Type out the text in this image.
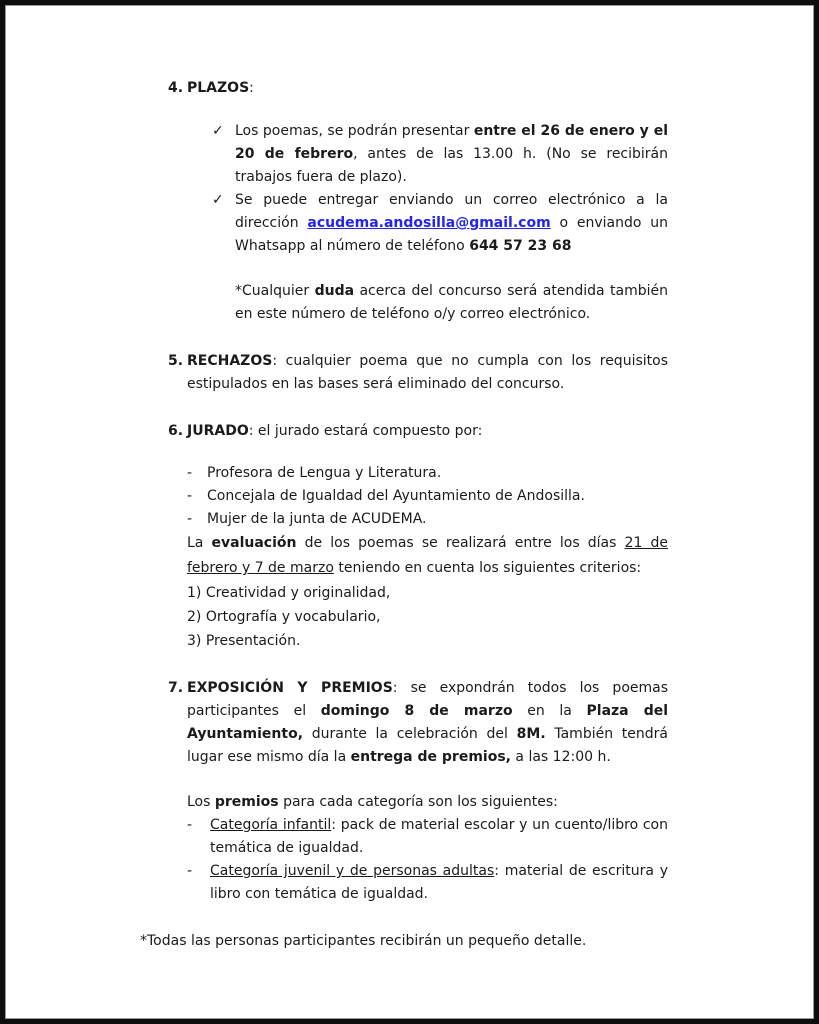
4. PLAZOS:

✓ Los poemas, se podrán presentar entre el 26 de enero y el 20 de febrero, antes de las 13.00 h. (No se recibirán trabajos fuera de plazo).

✓ Se puede entregar enviando un correo electrónico a la dirección acudema.andosilla@gmail.com o enviando un Whatsapp al número de teléfono 644 57 23 68

*Cualquier duda acerca del concurso será atendida también en este número de teléfono o/y correo electrónico.

5. RECHAZOS: cualquier poema que no cumpla con los requisitos estipulados en las bases será eliminado del concurso.

6. JURADO: el jurado estará compuesto por:

-	Profesora de Lengua y Literatura.

-	Concejala de Igualdad del Ayuntamiento de Andosilla.

-	Mujer de la junta de ACUDEMA.

La evaluación de los poemas se realizará entre los días 21 de febrero y 7 de marzo teniendo en cuenta los siguientes criterios:

1) Creatividad y originalidad,

2) Ortografía y vocabulario,

3) Presentación.

7. EXPOSICIÓN Y PREMIOS: se expondrán todos los poemas participantes el domingo 8 de marzo en la Plaza del Ayuntamiento, durante la celebración del 8M. También tendrá lugar ese mismo día la entrega de premios, a las 12:00 h.

Los premios para cada categoría son los siguientes:

-	Categoría infantil: pack de material escolar y un cuento/libro con temática de igualdad.

-	Categoría juvenil y de personas adultas: material de escritura y libro con temática de igualdad.

*Todas las personas participantes recibirán un pequeño detalle.
